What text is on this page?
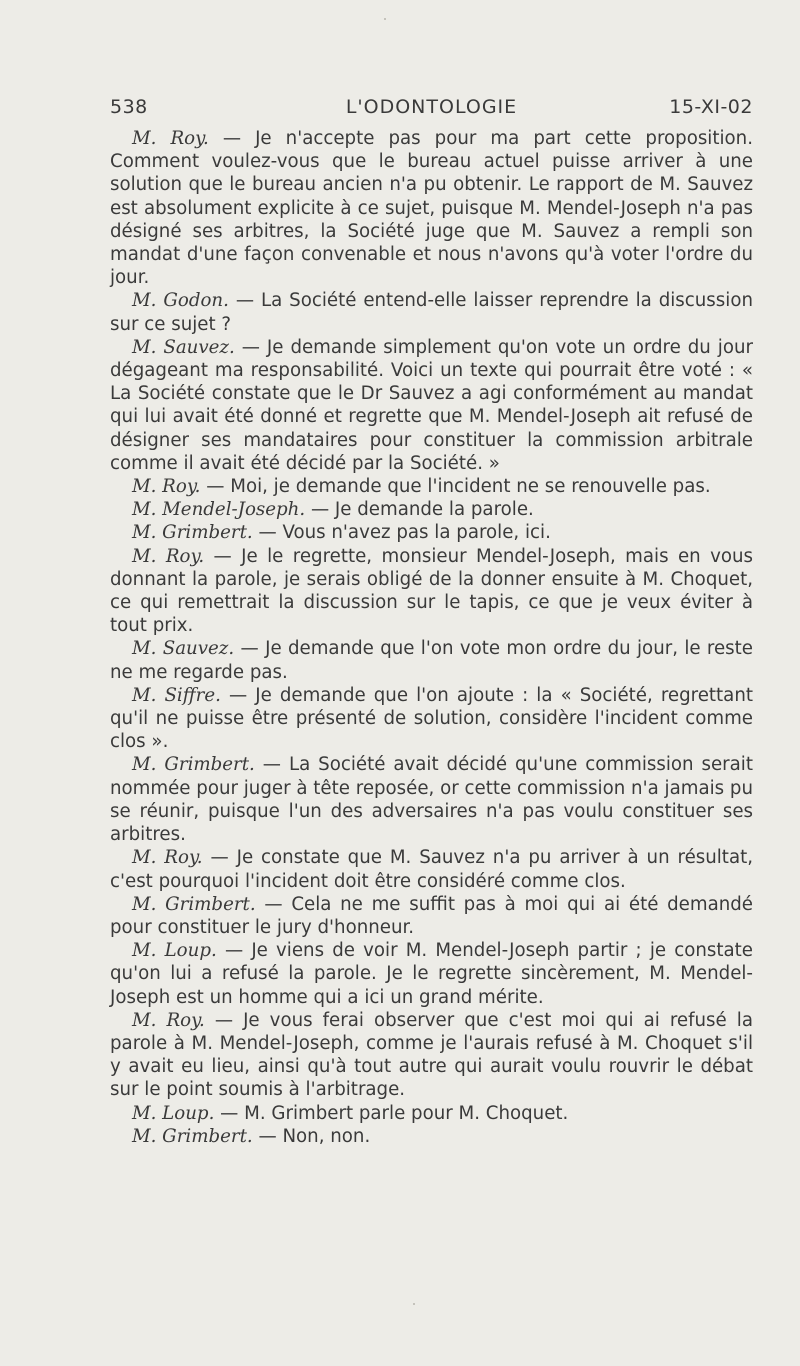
538	L'ODONTOLOGIE	15-XI-02

M. Roy. — Je n'accepte pas pour ma part cette proposition. Comment voulez-vous que le bureau actuel puisse arriver à une solution que le bureau ancien n'a pu obtenir. Le rapport de M. Sauvez est absolument explicite à ce sujet, puisque M. Mendel-Joseph n'a pas désigné ses arbitres, la Société juge que M. Sauvez a rempli son mandat d'une façon convenable et nous n'avons qu'à voter l'ordre du jour.

M. Godon. — La Société entend-elle laisser reprendre la discussion sur ce sujet ?

M. Sauvez. — Je demande simplement qu'on vote un ordre du jour dégageant ma responsabilité. Voici un texte qui pourrait être voté : « La Société constate que le Dr Sauvez a agi conformément au mandat qui lui avait été donné et regrette que M. Mendel-Joseph ait refusé de désigner ses mandataires pour constituer la commission arbitrale comme il avait été décidé par la Société. »

M. Roy. — Moi, je demande que l'incident ne se renouvelle pas.

M. Mendel-Joseph. — Je demande la parole.

M. Grimbert. — Vous n'avez pas la parole, ici.

M. Roy. — Je le regrette, monsieur Mendel-Joseph, mais en vous donnant la parole, je serais obligé de la donner ensuite à M. Choquet, ce qui remettrait la discussion sur le tapis, ce que je veux éviter à tout prix.

M. Sauvez. — Je demande que l'on vote mon ordre du jour, le reste ne me regarde pas.

M. Siffre. — Je demande que l'on ajoute : la « Société, regrettant qu'il ne puisse être présenté de solution, considère l'incident comme clos ».

M. Grimbert. — La Société avait décidé qu'une commission serait nommée pour juger à tête reposée, or cette commission n'a jamais pu se réunir, puisque l'un des adversaires n'a pas voulu constituer ses arbitres.

M. Roy. — Je constate que M. Sauvez n'a pu arriver à un résultat, c'est pourquoi l'incident doit être considéré comme clos.

M. Grimbert. — Cela ne me suffit pas à moi qui ai été demandé pour constituer le jury d'honneur.

M. Loup. — Je viens de voir M. Mendel-Joseph partir ; je constate qu'on lui a refusé la parole. Je le regrette sincèrement, M. Mendel-Joseph est un homme qui a ici un grand mérite.

M. Roy. — Je vous ferai observer que c'est moi qui ai refusé la parole à M. Mendel-Joseph, comme je l'aurais refusé à M. Choquet s'il y avait eu lieu, ainsi qu'à tout autre qui aurait voulu rouvrir le débat sur le point soumis à l'arbitrage.

M. Loup. — M. Grimbert parle pour M. Choquet.

M. Grimbert. — Non, non.
